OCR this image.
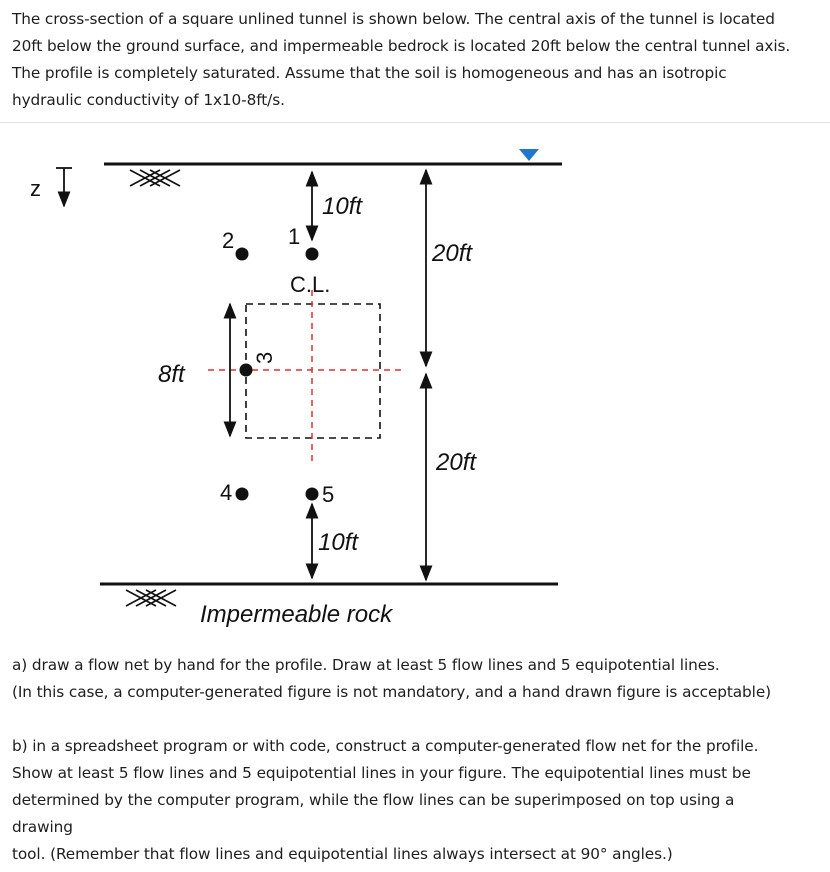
The cross-section of a square unlined tunnel is shown below. The central axis of the tunnel is located
20ft below the ground surface, and impermeable bedrock is located 20ft below the central tunnel axis.
The profile is completely saturated. Assume that the soil is homogeneous and has an isotropic
hydraulic conductivity of 1x10-8ft/s.
z
Impermeable rock
C.L.
10ft
20ft
20ft
10ft
8ft
1
2
3
4	5
a) draw a flow net by hand for the profile. Draw at least 5 flow lines and 5 equipotential lines.
(In this case, a computer-generated figure is not mandatory, and a hand drawn figure is acceptable)
b) in a spreadsheet program or with code, construct a computer-generated flow net for the profile.
Show at least 5 flow lines and 5 equipotential lines in your figure. The equipotential lines must be
determined by the computer program, while the flow lines can be superimposed on top using a
drawing
tool. (Remember that flow lines and equipotential lines always intersect at 90° angles.)
